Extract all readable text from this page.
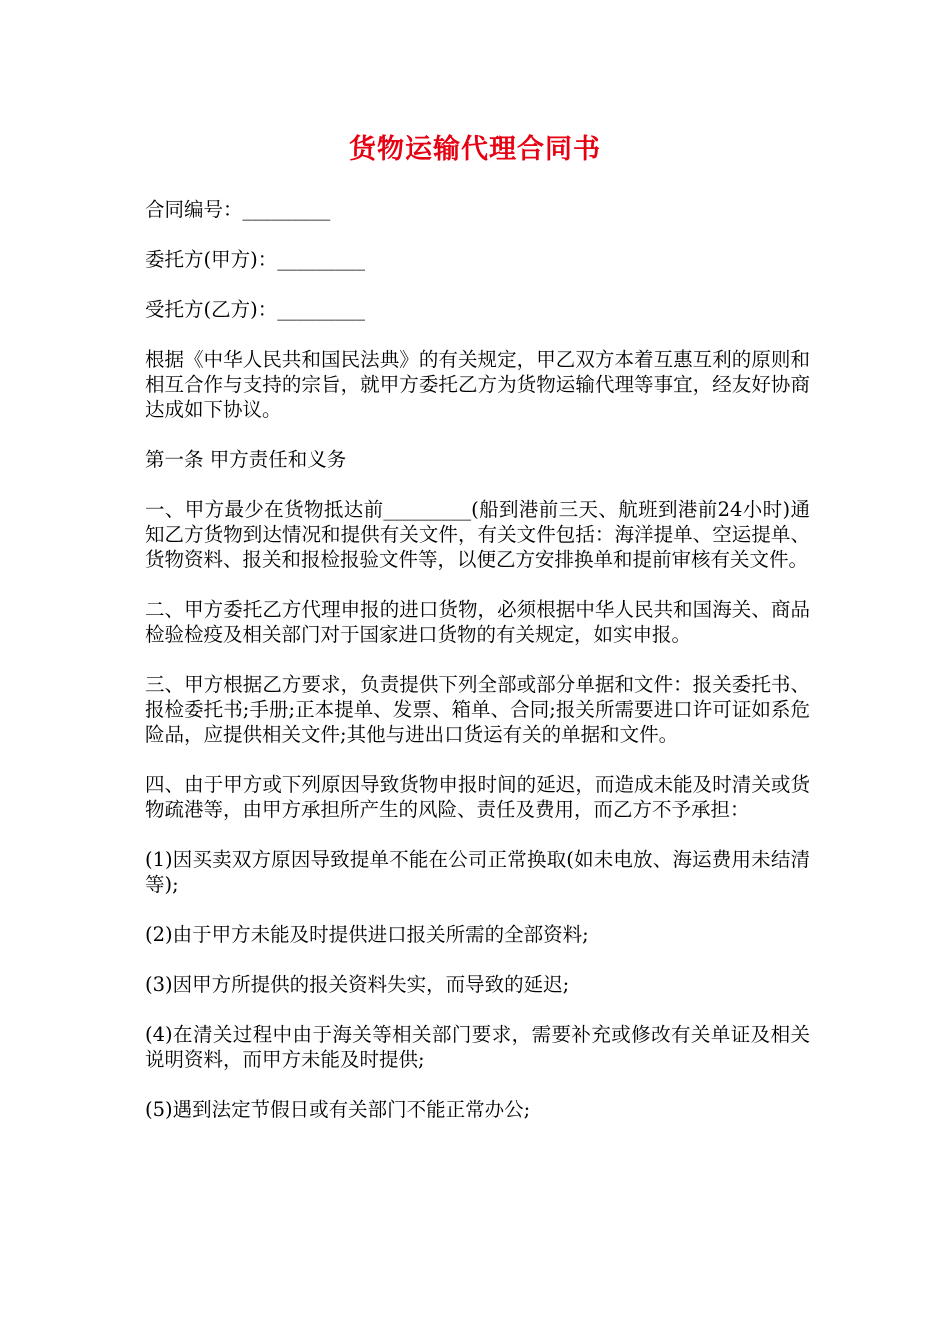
货物运输代理合同书

合同编号：_________

委托方(甲方)：_________

受托方(乙方)：_________

根据《中华人民共和国民法典》的有关规定，甲乙双方本着互惠互利的原则和相互合作与支持的宗旨，就甲方委托乙方为货物运输代理等事宜，经友好协商达成如下协议。

第一条 甲方责任和义务

一、甲方最少在货物抵达前_________(船到港前三天、航班到港前24小时)通知乙方货物到达情况和提供有关文件，有关文件包括：海洋提单、空运提单、货物资料、报关和报检报验文件等，以便乙方安排换单和提前审核有关文件。

二、甲方委托乙方代理申报的进口货物，必须根据中华人民共和国海关、商品检验检疫及相关部门对于国家进口货物的有关规定，如实申报。

三、甲方根据乙方要求，负责提供下列全部或部分单据和文件：报关委托书、报检委托书;手册;正本提单、发票、箱单、合同;报关所需要进口许可证如系危险品，应提供相关文件;其他与进出口货运有关的单据和文件。

四、由于甲方或下列原因导致货物申报时间的延迟，而造成未能及时清关或货物疏港等，由甲方承担所产生的风险、责任及费用，而乙方不予承担：

(1)因买卖双方原因导致提单不能在公司正常换取(如未电放、海运费用未结清等);

(2)由于甲方未能及时提供进口报关所需的全部资料;

(3)因甲方所提供的报关资料失实，而导致的延迟;

(4)在清关过程中由于海关等相关部门要求，需要补充或修改有关单证及相关说明资料，而甲方未能及时提供;

(5)遇到法定节假日或有关部门不能正常办公;
